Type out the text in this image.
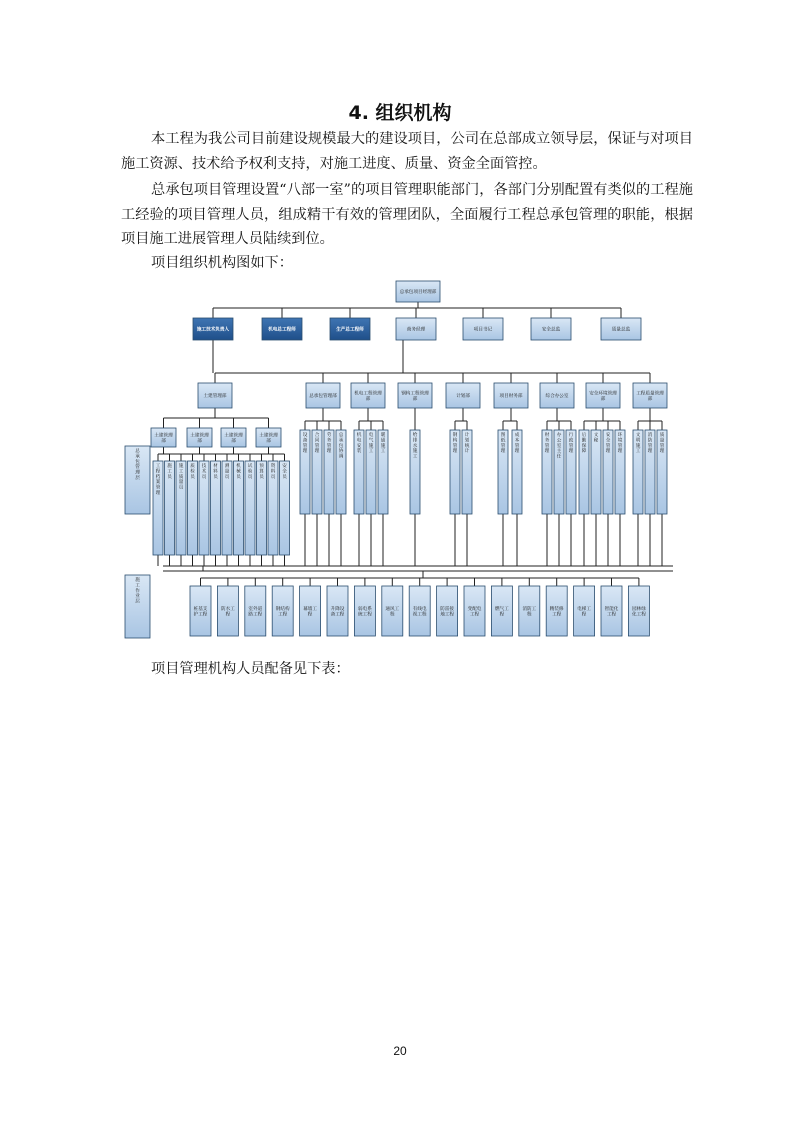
4. 组织机构

本工程为我公司目前建设规模最大的建设项目，公司在总部成立领导层，保证与对项目施工资源、技术给予权利支持，对施工进度、质量、资金全面管控。

总承包项目管理设置“八部一室”的项目管理职能部门，各部门分别配置有类似的工程施工经验的项目管理人员，组成精干有效的管理团队，全面履行工程总承包管理的职能，根据项目施工进展管理人员陆续到位。

项目组织机构图如下：

总承包项目经理部
施工技术负责人	机电总工程师	生产总工程师	商务经理	项目书记	安全总监	质量总监
土建管理部	总承包管理部
机电工程管理
部
钢构工程管理
部
计划部	项目财务部	综合办公室
安全环境管理
部
工程质量管理
部
土建管理
部
土建管理
部
土建管理
部
土建管理
部
总
承
包
管
理
层
施
工
作
业
层
工
程
档
案
管
理
施
工
员
施
工
质
量
员
质
检
员
技
术
员
材
料
员
测
量
员
机
械
员
试
验
员
预
算
员
资
料
员
安
全
员
设
备
管
理
合
同
管
理
劳
务
管
理
总
承
包
协
调
机
电
安
装
电
气
施
工
暖
通
施
工
给
排
水
施
工
钢
构
管
理
计
划
统
计
图
纸
管
理
成
本
管
理
财
务
管
理
办
公
室
主
任
行
政
管
理
后
勤
保
障
文
秘
安
全
管
理
环
境
管
理
文
明
施
工
消
防
管
理
质
量
管
理
桩基支
护工程
防水工
程
室外道
路工程
钢结构
工程
幕墙工
程
升降设
备工程
弱电系
统工程
通风工
程
有线电
视工程
防雷接
地工程
变配电
工程
燃气工
程
消防工
程
精装修
工程
电梯工
程
智能化
工程
园林绿
化工程

项目管理机构人员配备见下表：

20
